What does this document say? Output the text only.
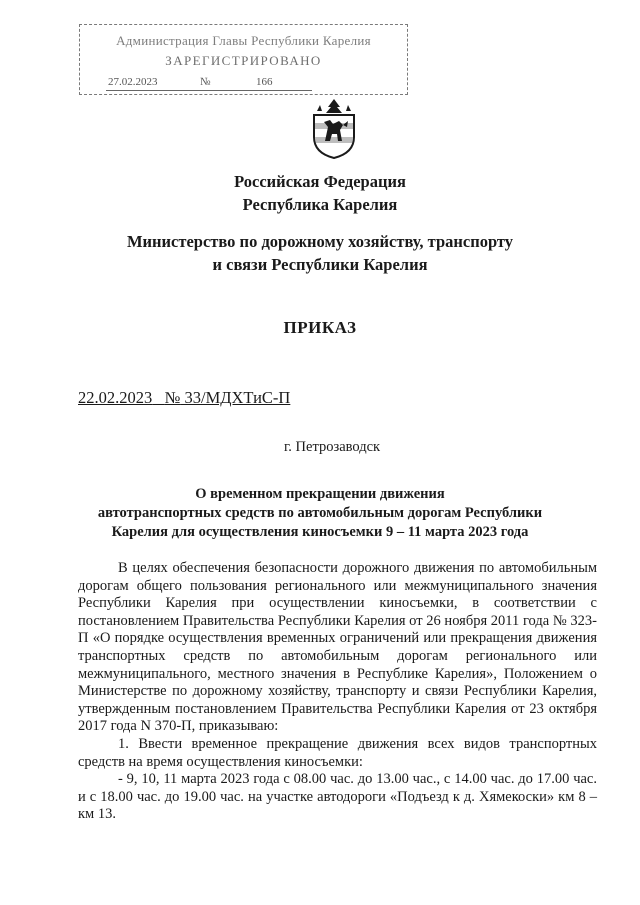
Администрация Главы Республики Карелия
ЗАРЕГИСТРИРОВАНО
27.02.2023	№	166
Российская Федерация
Республика Карелия
Министерство по дорожному хозяйству, транспорту
и связи Республики Карелия
ПРИКАЗ
22.02.2023 № 33/МДХТиС-П
г. Петрозаводск
О временном прекращении движения
автотранспортных средств по автомобильным дорогам Республики
Карелия для осуществления киносъемки 9 – 11 марта 2023 года

В целях обеспечения безопасности дорожного движения по автомобильным дорогам общего пользования регионального или межмуниципального значения Республики Карелия при осуществлении киносъемки, в соответствии с постановлением Правительства Республики Карелия от 26 ноября 2011 года № 323-П «О порядке осуществления временных ограничений или прекращения движения транспортных средств по автомобильным дорогам регионального или межмуниципального, местного значения в Республике Карелия», Положением о Министерстве по дорожному хозяйству, транспорту и связи Республики Карелия, утвержденным постановлением Правительства Республики Карелия от 23 октября 2017 года N 370-П, приказываю:

1. Ввести временное прекращение движения всех видов транспортных средств на время осуществления киносъемки:

- 9, 10, 11 марта 2023 года с 08.00 час. до 13.00 час., с 14.00 час. до 17.00 час. и с 18.00 час. до 19.00 час. на участке автодороги «Подъезд к д. Хямекоски» км 8 – км 13.
